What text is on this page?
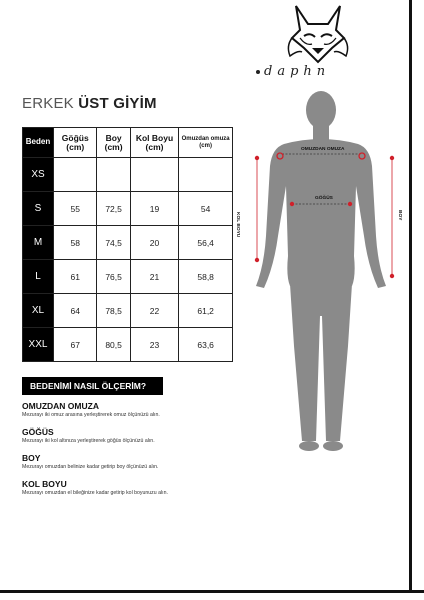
daphn
ERKEK ÜST GİYİM
Beden	Göğüs (cm)	Boy (cm)	Kol Boyu (cm)	Omuzdan omuza (cm)
XS				
S	55	72,5	19	54
M	58	74,5	20	56,4
L	61	76,5	21	58,8
XL	64	78,5	22	61,2
XXL	67	80,5	23	63,6
BEDENİMİ NASIL ÖLÇERİM?
OMUZDAN OMUZA
Mezurayı iki omuz arasına yerleştirerek omuz ölçünüzü alın.
GÖĞÜS
Mezurayı iki kol altınıza yerleştirerek göğüs ölçünüzü alın.
BOY
Mezurayı omuzdan belinize kadar getirip boy ölçünüzü alın.
KOL BOYU
Mezurayı omuzdan el bileğinize kadar getirip kol boyunuzu alın.
OMUZDAN OMUZA
GÖĞÜS
KOL BOYU	BOY
